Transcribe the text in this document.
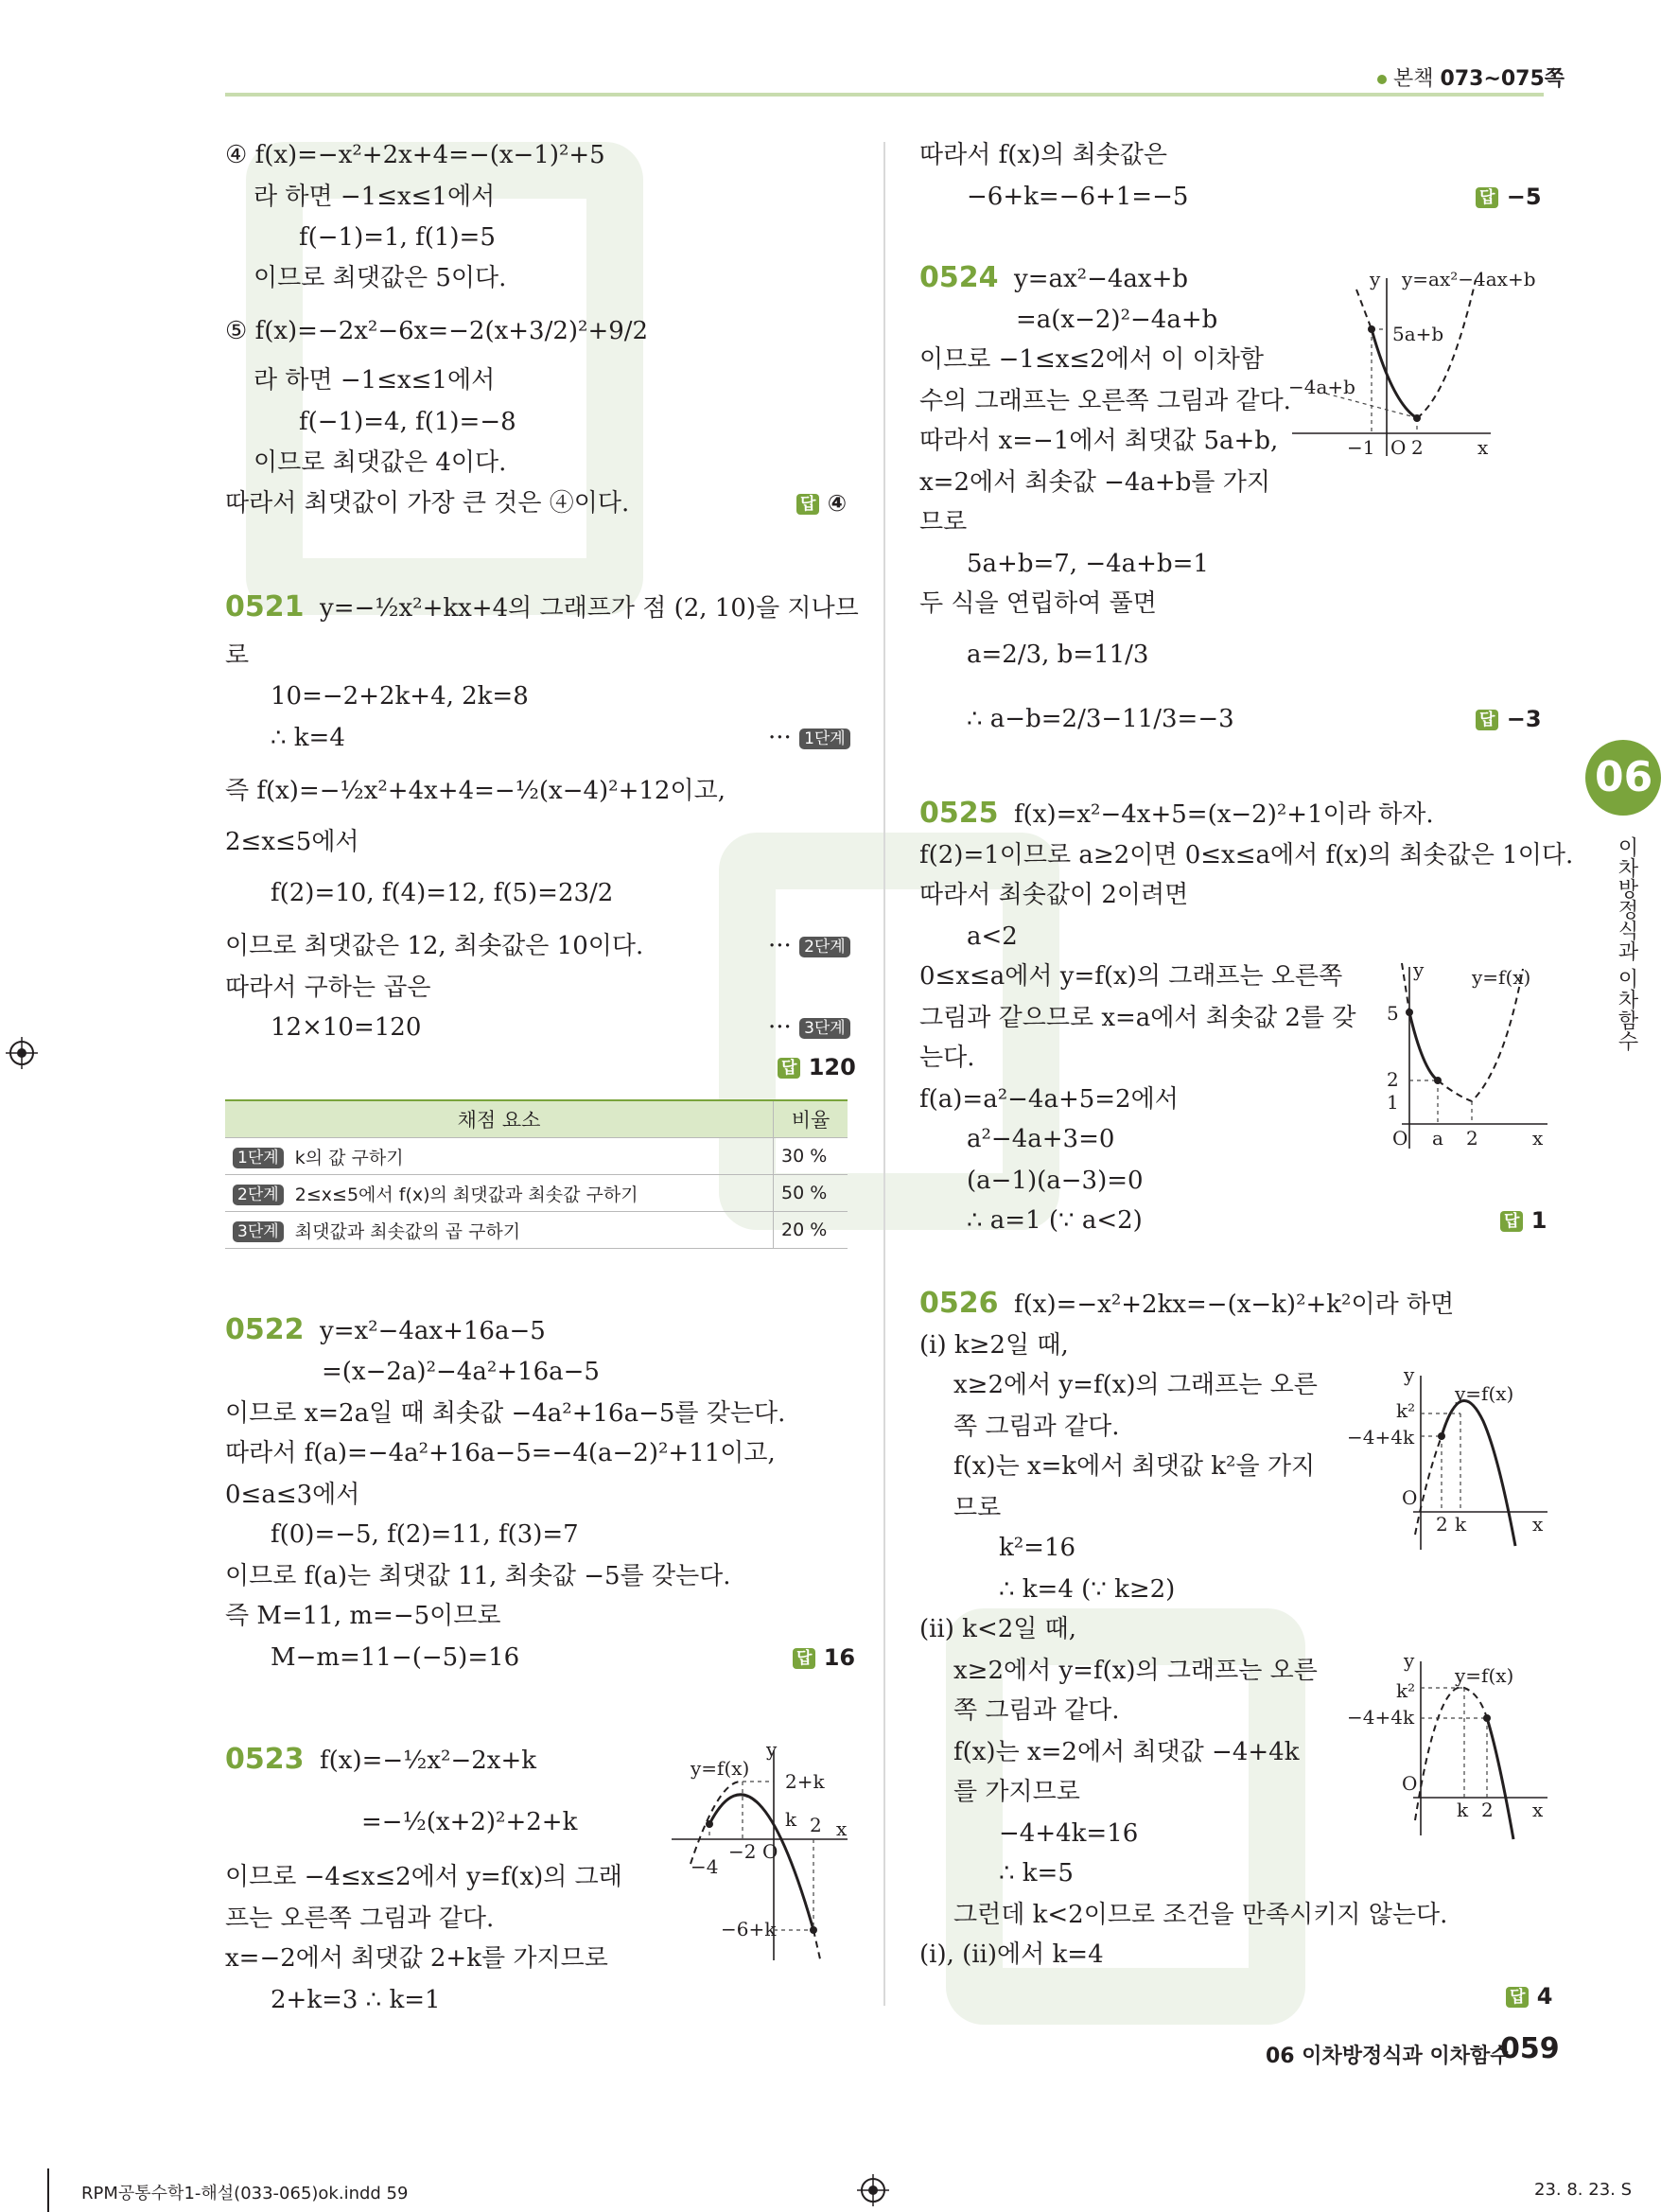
본책 073~075쪽
06
이차방정식과 이차함수
④ f(x)=−x²+2x+4=−(x−1)²+5
라 하면 −1≤x≤1에서
f(−1)=1, f(1)=5
이므로 최댓값은 5이다.
⑤ f(x)=−2x²−6x=−2(x+3/2)²+9/2
라 하면 −1≤x≤1에서
f(−1)=4, f(1)=−8
이므로 최댓값은 4이다.
따라서 최댓값이 가장 큰 것은 ④이다.	답 ④
0521 y=−½x²+kx+4의 그래프가 점 (2, 10)을 지나므
로
10=−2+2k+4, 2k=8
∴ k=4	··· 1단계
즉 f(x)=−½x²+4x+4=−½(x−4)²+12이고,
2≤x≤5에서
f(2)=10, f(4)=12, f(5)=23/2
이므로 최댓값은 12, 최솟값은 10이다.	··· 2단계
따라서 구하는 곱은
12×10=120	··· 3단계
답 120
채점 요소	비율
1단계 k의 값 구하기	30 %
2단계 2≤x≤5에서 f(x)의 최댓값과 최솟값 구하기	50 %
3단계 최댓값과 최솟값의 곱 구하기	20 %
0522 y=x²−4ax+16a−5
=(x−2a)²−4a²+16a−5
이므로 x=2a일 때 최솟값 −4a²+16a−5를 갖는다.
따라서 f(a)=−4a²+16a−5=−4(a−2)²+11이고,
0≤a≤3에서
f(0)=−5, f(2)=11, f(3)=7
이므로 f(a)는 최댓값 11, 최솟값 −5를 갖는다.
즉 M=11, m=−5이므로
M−m=11−(−5)=16	답 16
0523 f(x)=−½x²−2x+k
=−½(x+2)²+2+k
이므로 −4≤x≤2에서 y=f(x)의 그래
프는 오른쪽 그림과 같다.
x=−2에서 최댓값 2+k를 가지므로
2+k=3 ∴ k=1
y=f(x)
y
2+k
k 2
−2 O
x
−4
−6+k
따라서 f(x)의 최솟값은
−6+k=−6+1=−5	답 −5
0524 y=ax²−4ax+b
=a(x−2)²−4a+b
이므로 −1≤x≤2에서 이 이차함
수의 그래프는 오른쪽 그림과 같다.
따라서 x=−1에서 최댓값 5a+b,
x=2에서 최솟값 −4a+b를 가지
므로
5a+b=7, −4a+b=1
두 식을 연립하여 풀면
a=2/3, b=11/3
∴ a−b=2/3−11/3=−3	답 −3
y y=ax²−4ax+b
5a+b
−4a+b
−1 O 2	x
0525 f(x)=x²−4x+5=(x−2)²+1이라 하자.
f(2)=1이므로 a≥2이면 0≤x≤a에서 f(x)의 최솟값은 1이다.
따라서 최솟값이 2이려면
a<2
0≤x≤a에서 y=f(x)의 그래프는 오른쪽
그림과 같으므로 x=a에서 최솟값 2를 갖
는다.
f(a)=a²−4a+5=2에서
a²−4a+3=0
(a−1)(a−3)=0
∴ a=1 (∵ a<2)	답 1
y	y=f(x)
5
2
1
O a 2	x
0526 f(x)=−x²+2kx=−(x−k)²+k²이라 하면
(ⅰ) k≥2일 때,
x≥2에서 y=f(x)의 그래프는 오른
쪽 그림과 같다.
f(x)는 x=k에서 최댓값 k²을 가지
므로
k²=16
∴ k=4 (∵ k≥2)
(ⅱ) k<2일 때,
x≥2에서 y=f(x)의 그래프는 오른
쪽 그림과 같다.
f(x)는 x=2에서 최댓값 −4+4k
를 가지므로
−4+4k=16
∴ k=5
그런데 k<2이므로 조건을 만족시키지 않는다.
(ⅰ), (ⅱ)에서 k=4
답 4
y
y=f(x)
k²
−4+4k
O
2 k	x
y
y=f(x)
k²
−4+4k
O
k 2 x
06 이차방정식과 이차함수
059
RPM공통수학1-해설(033-065)ok.indd 59	23. 8. 23. S
